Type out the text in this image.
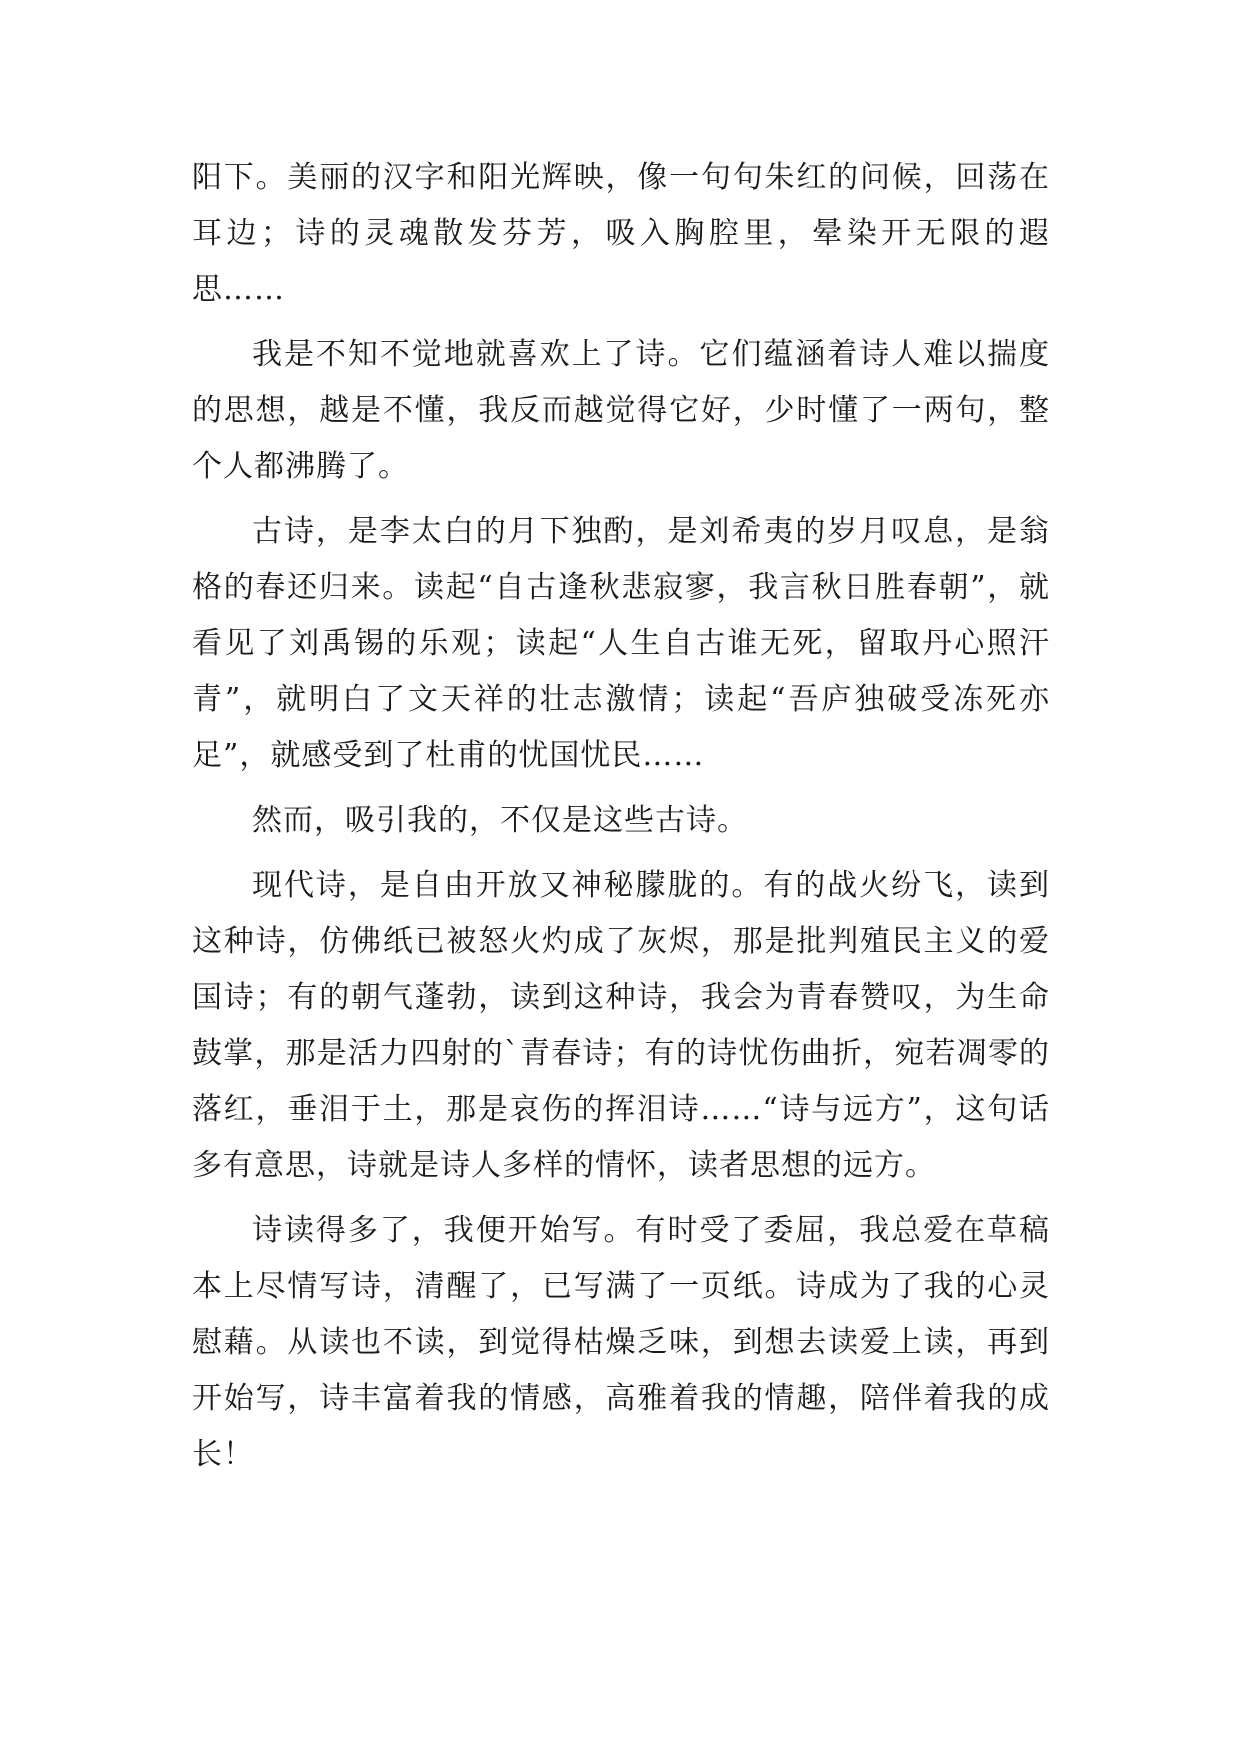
阳下。美丽的汉字和阳光辉映，像一句句朱红的问候，回荡在耳边；诗的灵魂散发芬芳，吸入胸腔里，晕染开无限的遐思……

我是不知不觉地就喜欢上了诗。它们蕴涵着诗人难以揣度的思想，越是不懂，我反而越觉得它好，少时懂了一两句，整个人都沸腾了。

古诗，是李太白的月下独酌，是刘希夷的岁月叹息，是翁格的春还归来。读起“自古逢秋悲寂寥，我言秋日胜春朝”，就看见了刘禹锡的乐观；读起“人生自古谁无死，留取丹心照汗青”，就明白了文天祥的壮志激情；读起“吾庐独破受冻死亦足”，就感受到了杜甫的忧国忧民……

然而，吸引我的，不仅是这些古诗。

现代诗，是自由开放又神秘朦胧的。有的战火纷飞，读到这种诗，仿佛纸已被怒火灼成了灰烬，那是批判殖民主义的爱国诗；有的朝气蓬勃，读到这种诗，我会为青春赞叹，为生命鼓掌，那是活力四射的`青春诗；有的诗忧伤曲折，宛若凋零的落红，垂泪于土，那是哀伤的挥泪诗……“诗与远方”，这句话多有意思，诗就是诗人多样的情怀，读者思想的远方。

诗读得多了，我便开始写。有时受了委屈，我总爱在草稿本上尽情写诗，清醒了，已写满了一页纸。诗成为了我的心灵慰藉。从读也不读，到觉得枯燥乏味，到想去读爱上读，再到开始写，诗丰富着我的情感，高雅着我的情趣，陪伴着我的成长！
